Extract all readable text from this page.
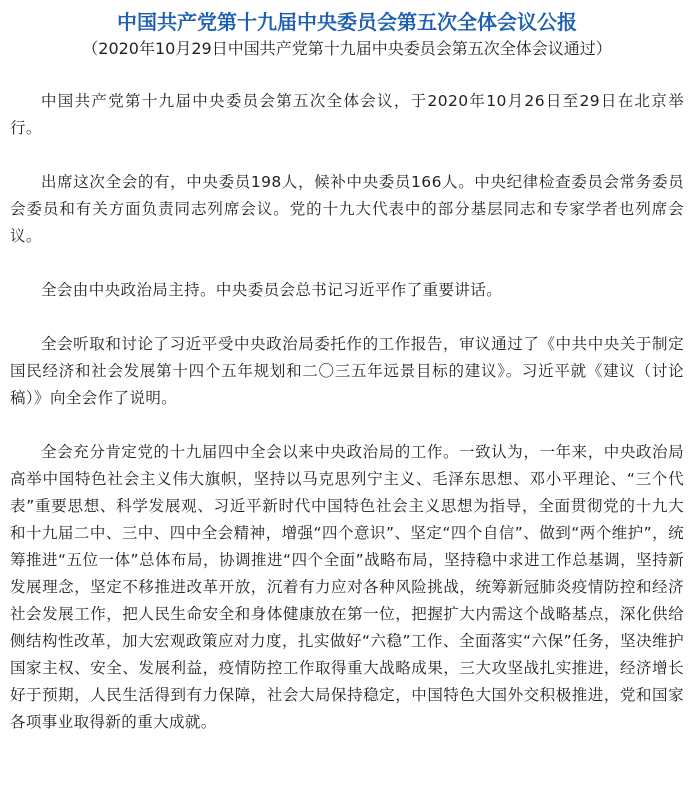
中国共产党第十九届中央委员会第五次全体会议公报
（2020年10月29日中国共产党第十九届中央委员会第五次全体会议通过）

中国共产党第十九届中央委员会第五次全体会议，于2020年10月26日至29日在北京举行。

出席这次全会的有，中央委员198人，候补中央委员166人。中央纪律检查委员会常务委员会委员和有关方面负责同志列席会议。党的十九大代表中的部分基层同志和专家学者也列席会议。

全会由中央政治局主持。中央委员会总书记习近平作了重要讲话。

全会听取和讨论了习近平受中央政治局委托作的工作报告，审议通过了《中共中央关于制定国民经济和社会发展第十四个五年规划和二〇三五年远景目标的建议》。习近平就《建议（讨论稿）》向全会作了说明。

全会充分肯定党的十九届四中全会以来中央政治局的工作。一致认为，一年来，中央政治局高举中国特色社会主义伟大旗帜，坚持以马克思列宁主义、毛泽东思想、邓小平理论、“三个代表”重要思想、科学发展观、习近平新时代中国特色社会主义思想为指导，全面贯彻党的十九大和十九届二中、三中、四中全会精神，增强“四个意识”、坚定“四个自信”、做到“两个维护”，统筹推进“五位一体”总体布局，协调推进“四个全面”战略布局，坚持稳中求进工作总基调，坚持新发展理念，坚定不移推进改革开放，沉着有力应对各种风险挑战，统筹新冠肺炎疫情防控和经济社会发展工作，把人民生命安全和身体健康放在第一位，把握扩大内需这个战略基点，深化供给侧结构性改革，加大宏观政策应对力度，扎实做好“六稳”工作、全面落实“六保”任务，坚决维护国家主权、安全、发展利益，疫情防控工作取得重大战略成果，三大攻坚战扎实推进，经济增长好于预期，人民生活得到有力保障，社会大局保持稳定，中国特色大国外交积极推进，党和国家各项事业取得新的重大成就。
